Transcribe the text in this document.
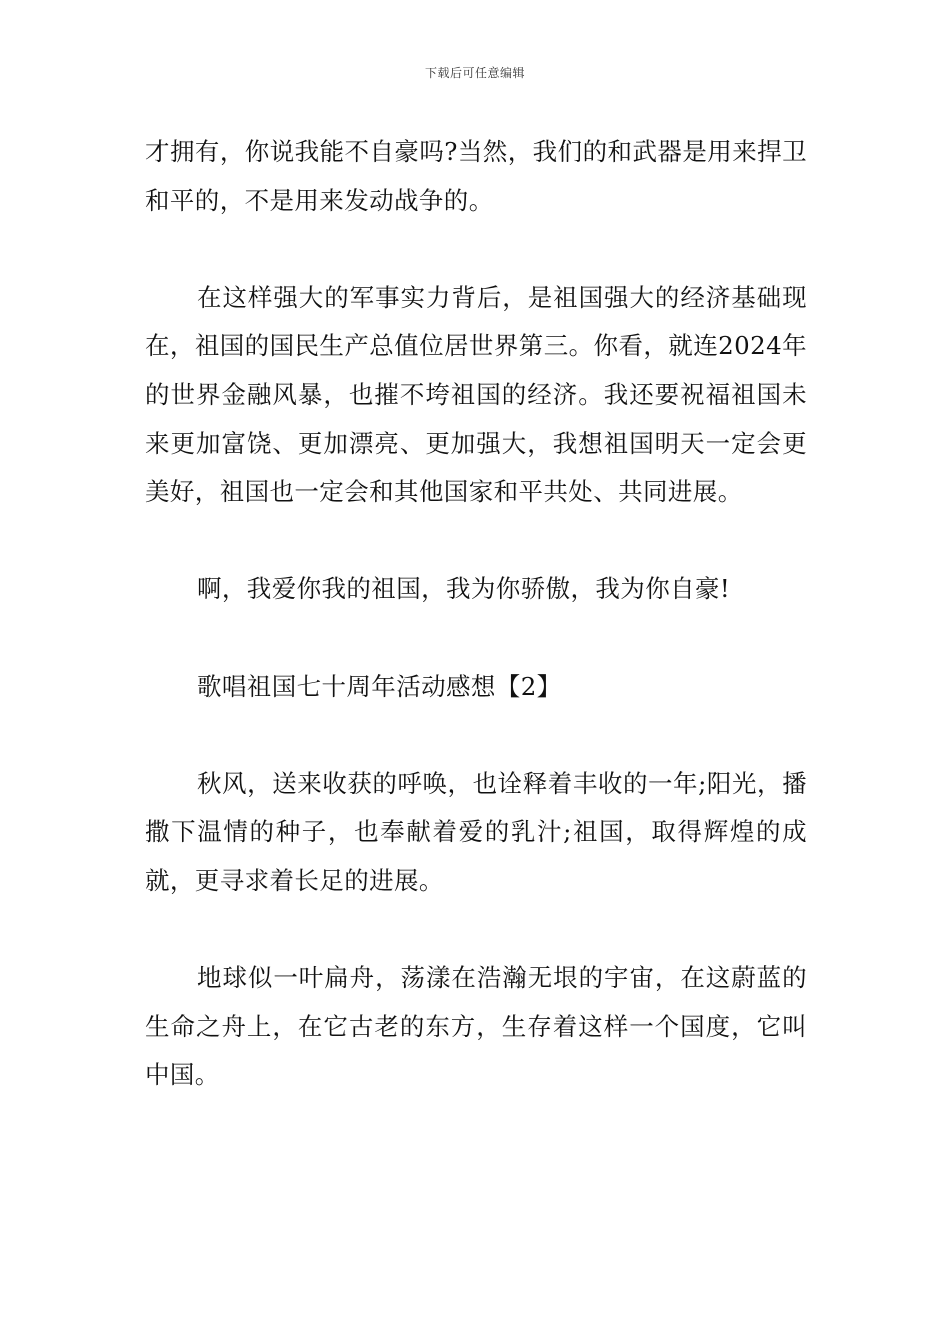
下载后可任意编辑

才拥有，你说我能不自豪吗?当然，我们的和武器是用来捍卫和平的，不是用来发动战争的。

在这样强大的军事实力背后，是祖国强大的经济基础现在，祖国的国民生产总值位居世界第三。你看，就连2024年的世界金融风暴，也摧不垮祖国的经济。我还要祝福祖国未来更加富饶、更加漂亮、更加强大，我想祖国明天一定会更美好，祖国也一定会和其他国家和平共处、共同进展。

啊，我爱你我的祖国，我为你骄傲，我为你自豪!

歌唱祖国七十周年活动感想【2】

秋风，送来收获的呼唤，也诠释着丰收的一年;阳光，播撒下温情的种子，也奉献着爱的乳汁;祖国，取得辉煌的成就，更寻求着长足的进展。

地球似一叶扁舟，荡漾在浩瀚无垠的宇宙，在这蔚蓝的生命之舟上，在它古老的东方，生存着这样一个国度，它叫中国。
